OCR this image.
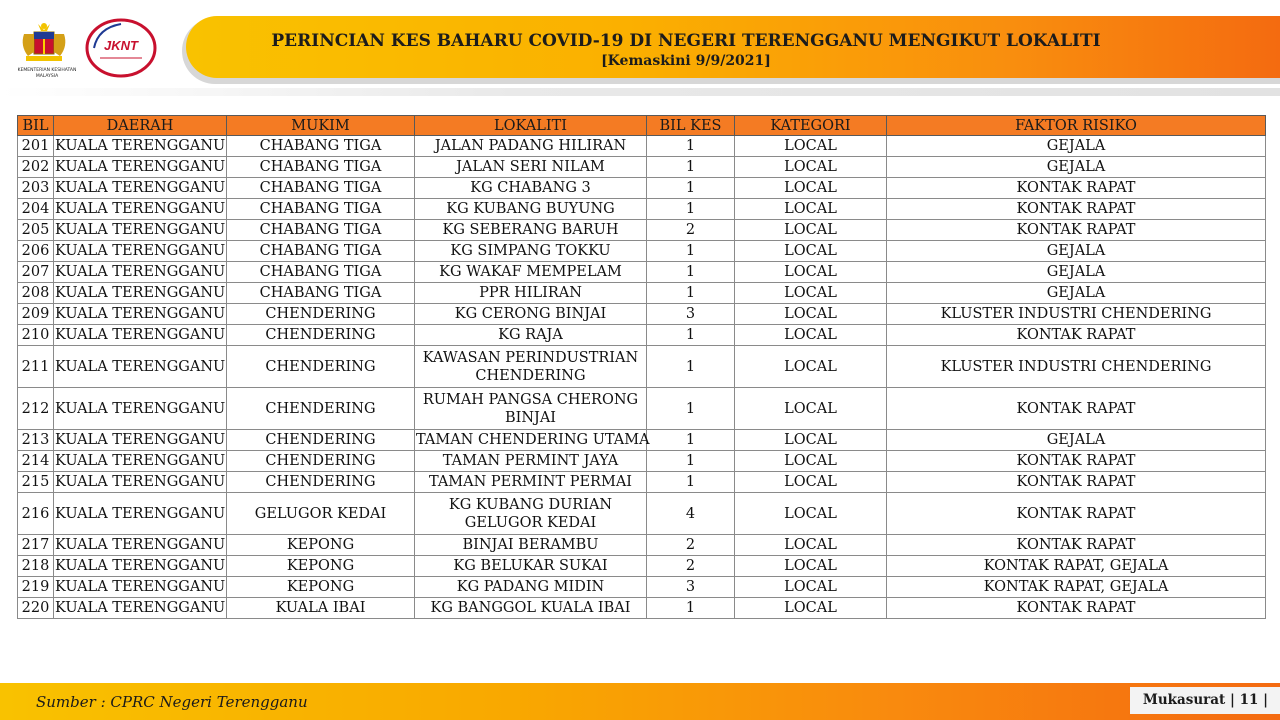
KEMENTERIAN KESIHATAN MALAYSIA
JKNT	PERINCIAN KES BAHARU COVID-19 DI NEGERI TERENGGANU MENGIKUT LOKALITI
[Kemaskini 9/9/2021]
BIL	DAERAH	MUKIM	LOKALITI	BIL KES	KATEGORI	FAKTOR RISIKO
201	KUALA TERENGGANU	CHABANG TIGA	JALAN PADANG HILIRAN	1	LOCAL	GEJALA
202	KUALA TERENGGANU	CHABANG TIGA	JALAN SERI NILAM	1	LOCAL	GEJALA
203	KUALA TERENGGANU	CHABANG TIGA	KG CHABANG 3	1	LOCAL	KONTAK RAPAT
204	KUALA TERENGGANU	CHABANG TIGA	KG KUBANG BUYUNG	1	LOCAL	KONTAK RAPAT
205	KUALA TERENGGANU	CHABANG TIGA	KG SEBERANG BARUH	2	LOCAL	KONTAK RAPAT
206	KUALA TERENGGANU	CHABANG TIGA	KG SIMPANG TOKKU	1	LOCAL	GEJALA
207	KUALA TERENGGANU	CHABANG TIGA	KG WAKAF MEMPELAM	1	LOCAL	GEJALA
208	KUALA TERENGGANU	CHABANG TIGA	PPR HILIRAN	1	LOCAL	GEJALA
209	KUALA TERENGGANU	CHENDERING	KG CERONG BINJAI	3	LOCAL	KLUSTER INDUSTRI CHENDERING
210	KUALA TERENGGANU	CHENDERING	KG RAJA	1	LOCAL	KONTAK RAPAT
211	KUALA TERENGGANU	CHENDERING	KAWASAN PERINDUSTRIAN CHENDERING	1	LOCAL	KLUSTER INDUSTRI CHENDERING
212	KUALA TERENGGANU	CHENDERING	RUMAH PANGSA CHERONG BINJAI	1	LOCAL	KONTAK RAPAT
213	KUALA TERENGGANU	CHENDERING	TAMAN CHENDERING UTAMA	1	LOCAL	GEJALA
214	KUALA TERENGGANU	CHENDERING	TAMAN PERMINT JAYA	1	LOCAL	KONTAK RAPAT
215	KUALA TERENGGANU	CHENDERING	TAMAN PERMINT PERMAI	1	LOCAL	KONTAK RAPAT
216	KUALA TERENGGANU	GELUGOR KEDAI	KG KUBANG DURIAN GELUGOR KEDAI	4	LOCAL	KONTAK RAPAT
217	KUALA TERENGGANU	KEPONG	BINJAI BERAMBU	2	LOCAL	KONTAK RAPAT
218	KUALA TERENGGANU	KEPONG	KG BELUKAR SUKAI	2	LOCAL	KONTAK RAPAT, GEJALA
219	KUALA TERENGGANU	KEPONG	KG PADANG MIDIN	3	LOCAL	KONTAK RAPAT, GEJALA
220	KUALA TERENGGANU	KUALA IBAI	KG BANGGOL KUALA IBAI	1	LOCAL	KONTAK RAPAT
Sumber : CPRC Negeri Terengganu	Mukasurat | 11 |
